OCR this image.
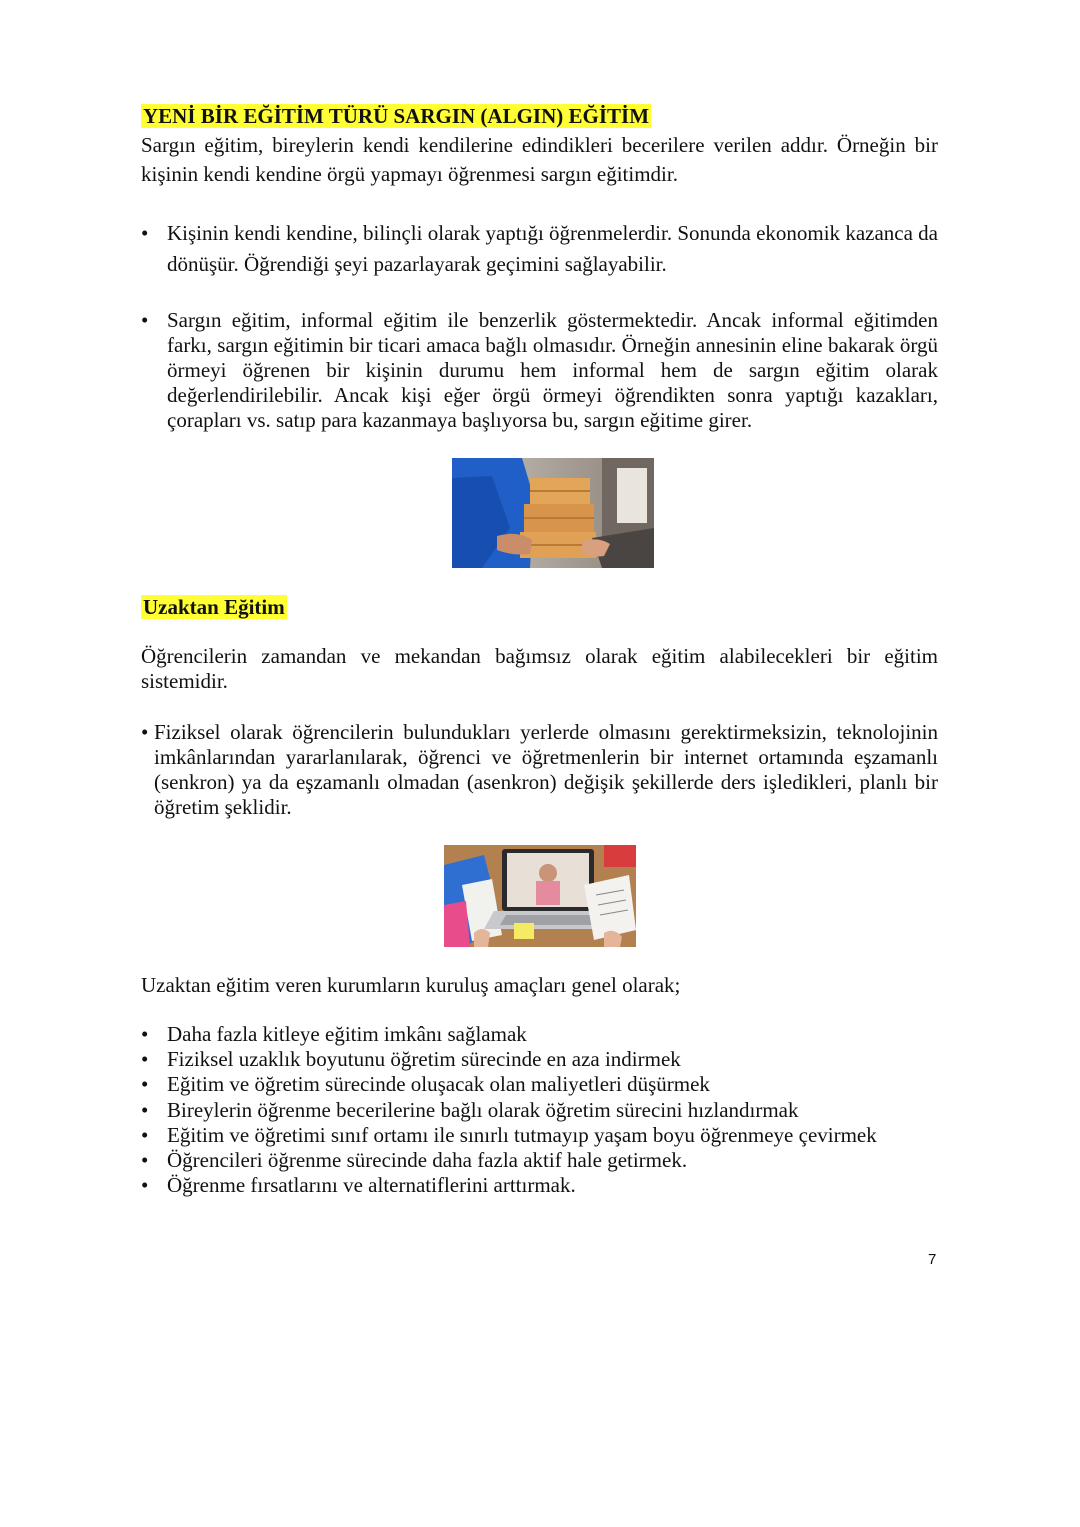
YENİ BİR EĞİTİM TÜRÜ SARGIN (ALGIN) EĞİTİM
Sargın eğitim, bireylerin kendi kendilerine edindikleri becerilere verilen addır. Örneğin bir kişinin kendi kendine örgü yapmayı öğrenmesi sargın eğitimdir.
• Kişinin kendi kendine, bilinçli olarak yaptığı öğrenmelerdir. Sonunda ekonomik kazanca da dönüşür. Öğrendiği şeyi pazarlayarak geçimini sağlayabilir.
• Sargın eğitim, informal eğitim ile benzerlik göstermektedir. Ancak informal eğitimden farkı, sargın eğitimin bir ticari amaca bağlı olmasıdır. Örneğin annesinin eline bakarak örgü örmeyi öğrenen bir kişinin durumu hem informal hem de sargın eğitim olarak değerlendirilebilir. Ancak kişi eğer örgü örmeyi öğrendikten sonra yaptığı kazakları, çorapları vs. satıp para kazanmaya başlıyorsa bu, sargın eğitime girer.
Uzaktan Eğitim
Öğrencilerin zamandan ve mekandan bağımsız olarak eğitim alabilecekleri bir eğitim sistemidir.
• Fiziksel olarak öğrencilerin bulundukları yerlerde olmasını gerektirmeksizin, teknolojinin imkânlarından yararlanılarak, öğrenci ve öğretmenlerin bir internet ortamında eşzamanlı (senkron) ya da eşzamanlı olmadan (asenkron) değişik şekillerde ders işledikleri, planlı bir öğretim şeklidir.
Uzaktan eğitim veren kurumların kuruluş amaçları genel olarak;
• Daha fazla kitleye eğitim imkânı sağlamak
• Fiziksel uzaklık boyutunu öğretim sürecinde en aza indirmek
• Eğitim ve öğretim sürecinde oluşacak olan maliyetleri düşürmek
• Bireylerin öğrenme becerilerine bağlı olarak öğretim sürecini hızlandırmak
• Eğitim ve öğretimi sınıf ortamı ile sınırlı tutmayıp yaşam boyu öğrenmeye çevirmek
• Öğrencileri öğrenme sürecinde daha fazla aktif hale getirmek.
• Öğrenme fırsatlarını ve alternatiflerini arttırmak.
7
